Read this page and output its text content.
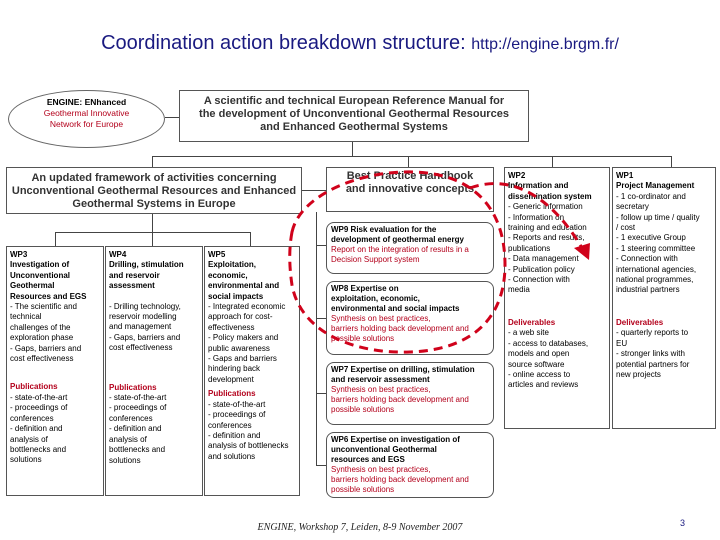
Coordination action breakdown structure: http://engine.brgm.fr/
ENGINE: ENhanced
Geothermal Innovative
Network for Europe
A scientific and technical European Reference Manual for
the development of Unconventional Geothermal Resources
and Enhanced Geothermal Systems
An updated framework of activities concerning
Unconventional Geothermal Resources and Enhanced
Geothermal Systems in Europe
Best Practice Handbook
and innovative concepts
WP3
Investigation of
Unconventional
Geothermal
Resources and EGS
- The scientific and
technical
challenges of the
exploration phase
- Gaps, barriers and
cost effectiveness
Publications
- state-of-the-art
- proceedings of
conferences
- definition and
analysis of
bottlenecks and
solutions
WP4
Drilling, stimulation
and reservoir
assessment
- Drilling technology,
reservoir modelling
and management
- Gaps, barriers and
cost effectiveness
Publications
- state-of-the-art
- proceedings of
conferences
- definition and
analysis of
bottlenecks and
solutions
WP5
Exploitation,
economic,
environmental and
social impacts
- Integrated economic
approach for cost-
effectiveness
- Policy makers and
public awareness
- Gaps and barriers
hindering back
development
Publications
- state-of-the-art
- proceedings of
conferences
- definition and
analysis of bottlenecks
and solutions
WP9 Risk evaluation for the
development of geothermal energy
Report on the integration of results in a
Decision Support system
WP8 Expertise on
exploitation, economic,
environmental and social impacts
Synthesis on best practices,
barriers holding back development and
possible solutions
WP7 Expertise on drilling, stimulation
and reservoir assessment
Synthesis on best practices,
barriers holding back development and
possible solutions
WP6 Expertise on investigation of
unconventional Geothermal
resources and EGS
Synthesis on best practices,
barriers holding back development and
possible solutions
WP2
Information and
dissemination system
- Generic information
- Information on
training and education
- Reports and results,
publications
- Data management
- Publication policy
- Connection with
media
Deliverables
- a web site
- access to databases,
models and open
source software
- online access to
articles and reviews
WP1
Project Management
- 1 co-ordinator and
secretary
- follow up time / quality
/ cost
- 1 executive Group
- 1 steering committee
- Connection with
international agencies,
national programmes,
industrial partners
Deliverables
- quarterly reports to
EU
- stronger links with
potential partners for
new projects
ENGINE, Workshop 7, Leiden, 8-9 November 2007	3
